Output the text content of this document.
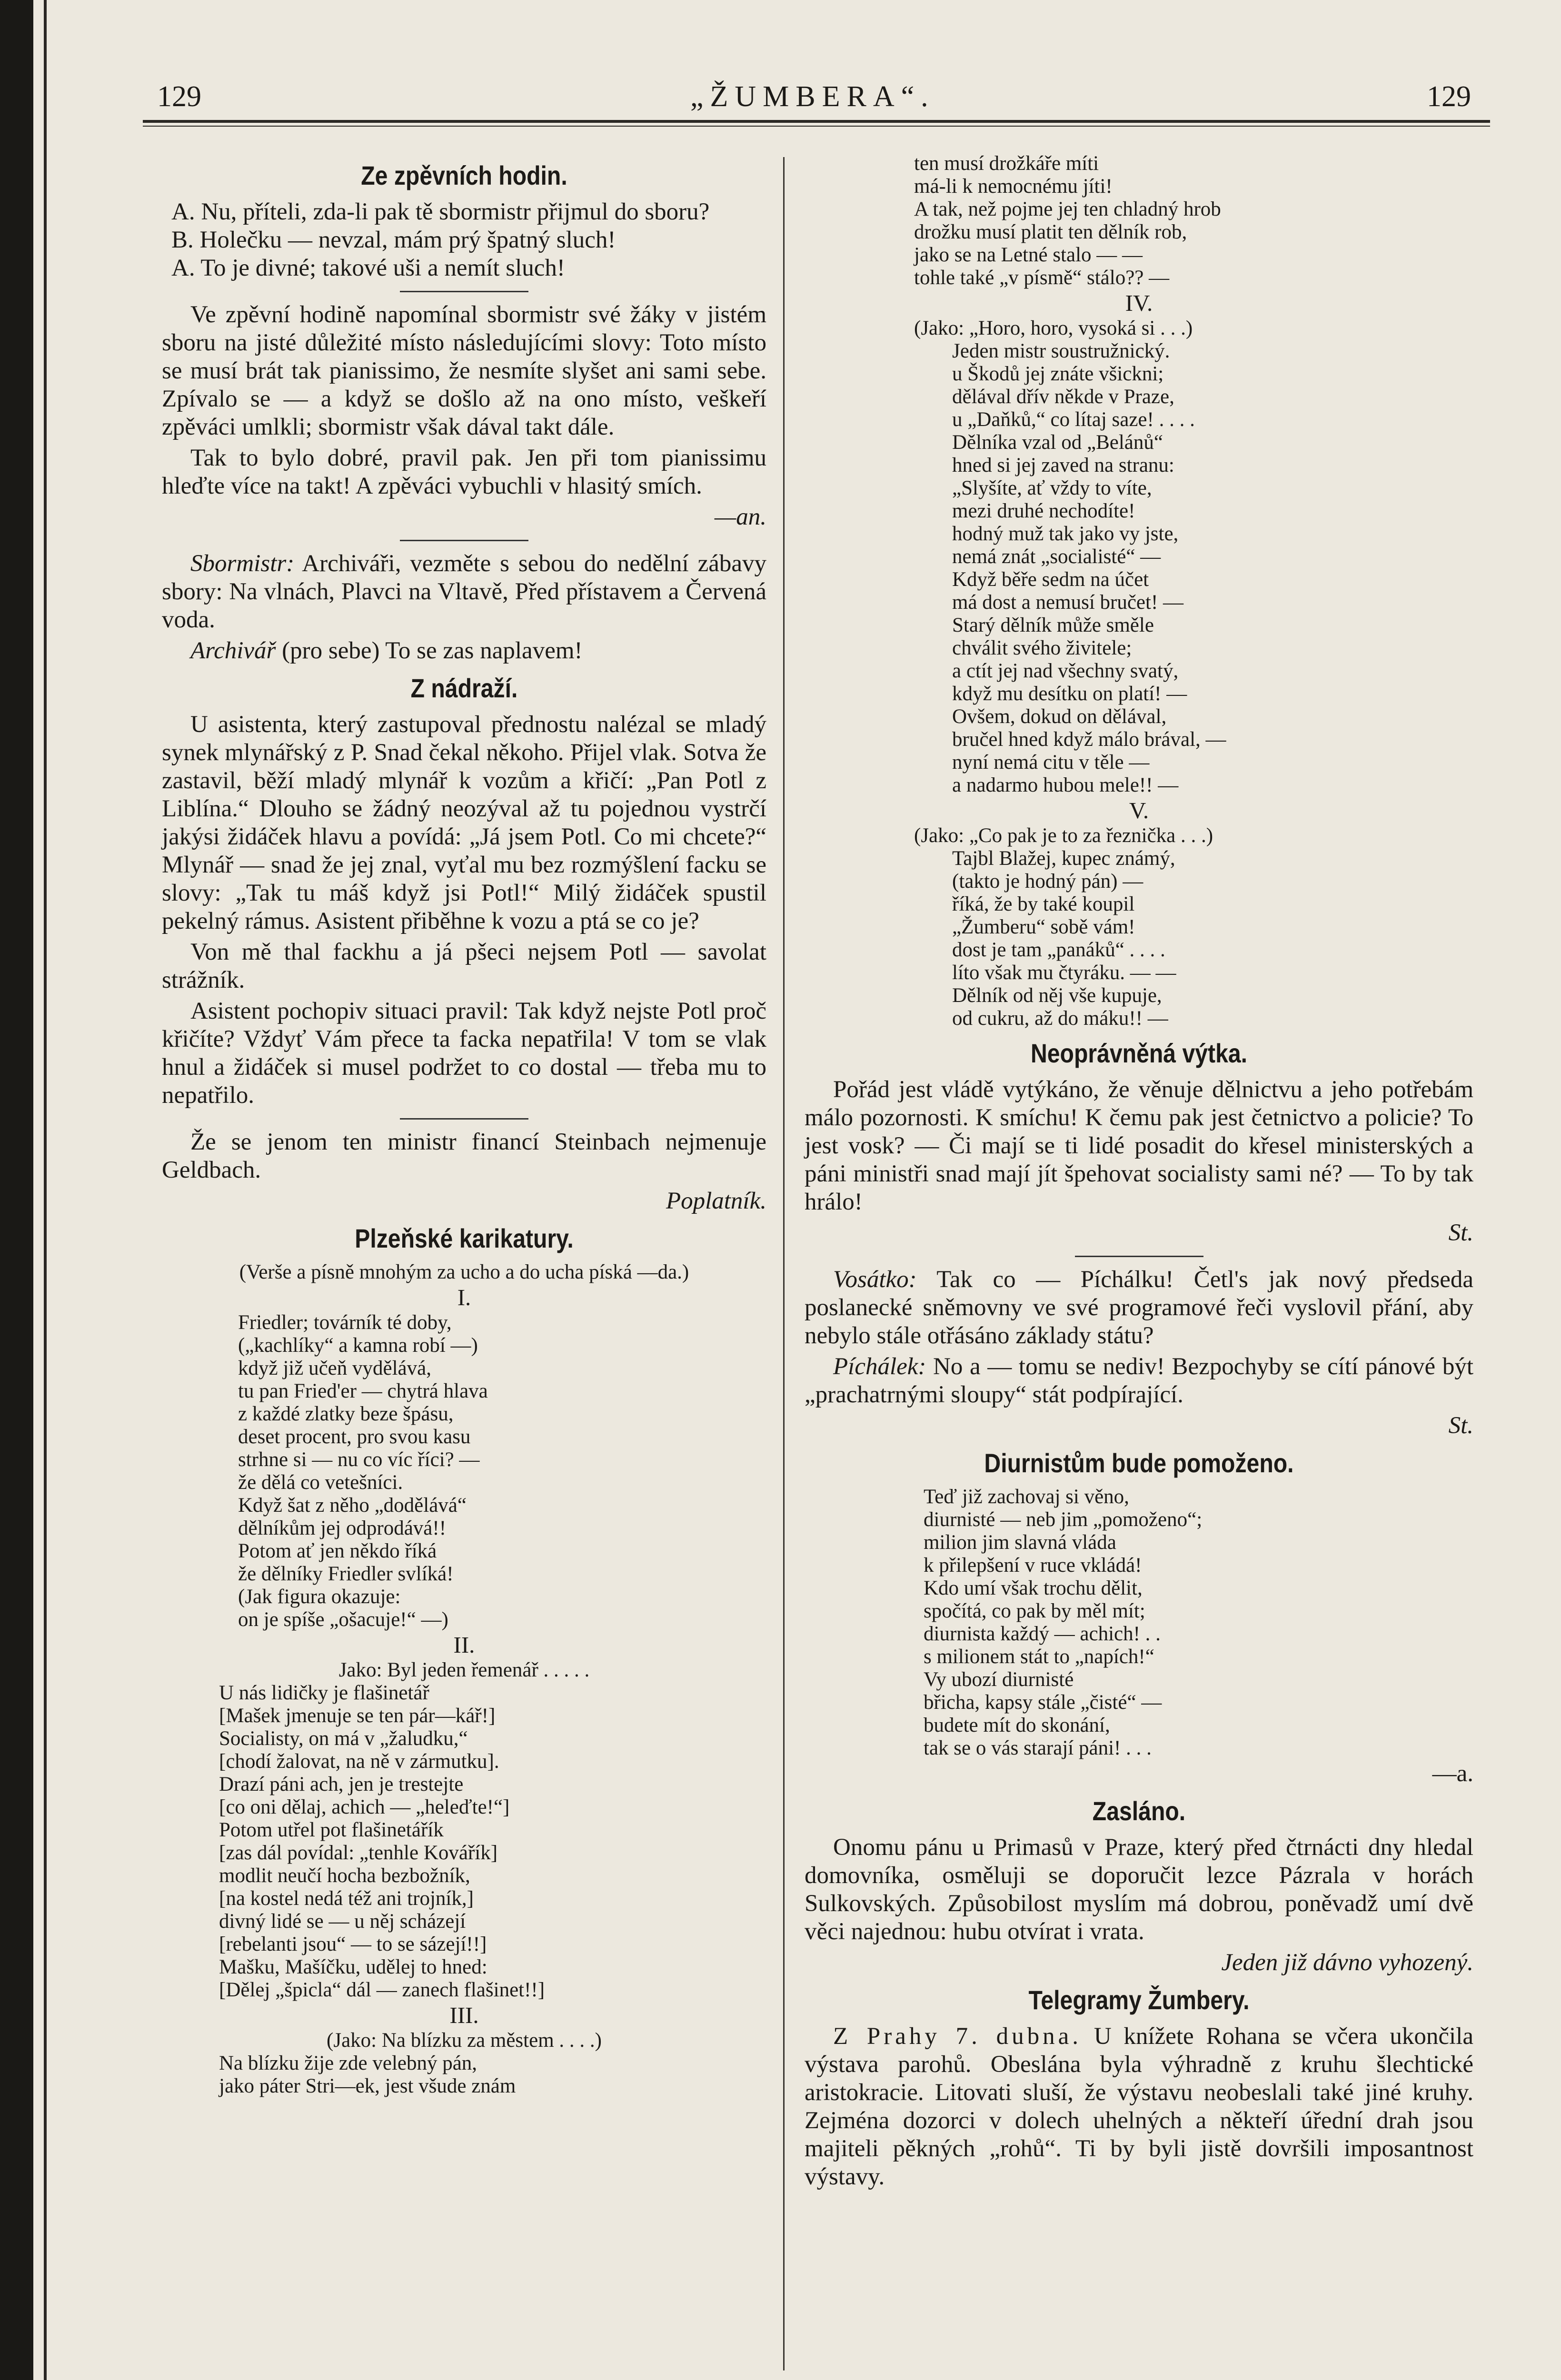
129	„ŽUMBERA“.	129
Ze zpěvních hodin.
A. Nu, příteli, zda-li pak tě sbormistr přijmul do sboru?
B. Holečku — nevzal, mám prý špatný sluch!
A. To je divné; takové uši a nemít sluch!

Ve zpěvní hodině napomínal sbormistr své žáky v jistém sboru na jisté důležité místo následujícími slovy: Toto místo se musí brát tak pianissimo, že nesmíte slyšet ani sami sebe. Zpívalo se — a když se došlo až na ono místo, veškeří zpěváci umlkli; sbormistr však dával takt dále.

Tak to bylo dobré, pravil pak. Jen při tom pianissimu hleďte více na takt! A zpěváci vybuchli v hlasitý smích.

—an.

Sbormistr: Archiváři, vezměte s sebou do nedělní zábavy sbory: Na vlnách, Plavci na Vltavě, Před přístavem a Červená voda.

Archivář (pro sebe) To se zas naplavem!

Z nádraží.

U asistenta, který zastupoval přednostu nalézal se mladý synek mlynářský z P. Snad čekal někoho. Přijel vlak. Sotva že zastavil, běží mladý mlynář k vozům a křičí: „Pan Potl z Liblína.“ Dlouho se žádný neozýval až tu pojednou vystrčí jakýsi židáček hlavu a povídá: „Já jsem Potl. Co mi chcete?“ Mlynář — snad že jej znal, vyťal mu bez rozmýšlení facku se slovy: „Tak tu máš když jsi Potl!“ Milý židáček spustil pekelný rámus. Asistent přiběhne k vozu a ptá se co je?

Von mě thal fackhu a já pšeci nejsem Potl — savolat strážník.

Asistent pochopiv situaci pravil: Tak když nejste Potl proč křičíte? Vždyť Vám přece ta facka nepatřila! V tom se vlak hnul a židáček si musel podržet to co dostal — třeba mu to nepatřilo.

Že se jenom ten ministr financí Steinbach nejmenuje Geldbach.

Poplatník.

Plzeňské karikatury.
(Verše a písně mnohým za ucho a do ucha píská —da.)
I.
Friedler; továrník té doby,
(„kachlíky“ a kamna robí —)
když již učeň vydělává,
tu pan Fried'er — chytrá hlava
z každé zlatky beze špásu,
deset procent, pro svou kasu
strhne si — nu co víc říci? —
že dělá co vetešníci.
Když šat z něho „dodělává“
dělníkům jej odprodává!!
Potom ať jen někdo říká
že dělníky Friedler svlíká!
(Jak figura okazuje:
on je spíše „ošacuje!“ —)
II.
Jako: Byl jeden řemenář . . . . .
U nás lidičky je flašinetář
[Mašek jmenuje se ten pár—kář!]
Socialisty, on má v „žaludku,“
[chodí žalovat, na ně v zármutku].
Drazí páni ach, jen je trestejte
[co oni dělaj, achich — „heleďte!“]
Potom utřel pot flašinetářík
[zas dál povídal: „tenhle Kovářík]
modlit neučí hocha bezbožník,
[na kostel nedá též ani trojník,]
divný lidé se — u něj scházejí
[rebelanti jsou“ — to se sázejí!!]
Mašku, Mašíčku, udělej to hned:
[Dělej „špicla“ dál — zanech flašinet!!]
III.
(Jako: Na blízku za městem . . . .)
Na blízku žije zde velebný pán,
jako páter Stri—ek, jest všude znám
ten musí drožkáře míti
má-li k nemocnému jíti!
A tak, než pojme jej ten chladný hrob
drožku musí platit ten dělník rob,
jako se na Letné stalo — —
tohle také „v písmě“ stálo?? —
IV.
(Jako: „Horo, horo, vysoká si . . .)
Jeden mistr soustružnický.
u Škodů jej znáte všickni;
dělával dřív někde v Praze,
u „Daňků,“ co lítaj saze! . . . .
Dělníka vzal od „Belánů“
hned si jej zaved na stranu:
„Slyšíte, ať vždy to víte,
mezi druhé nechodíte!
hodný muž tak jako vy jste,
nemá znát „socialisté“ —
Když běře sedm na účet
má dost a nemusí bručet! —
Starý dělník může směle
chválit svého živitele;
a ctít jej nad všechny svatý,
když mu desítku on platí! —
Ovšem, dokud on dělával,
bručel hned když málo brával, —
nyní nemá citu v těle —
a nadarmo hubou mele!! —
V.
(Jako: „Co pak je to za řeznička . . .)
Tajbl Blažej, kupec známý,
(takto je hodný pán) —
říká, že by také koupil
„Žumberu“ sobě vám!
dost je tam „panáků“ . . . .
líto však mu čtyráku. — —
Dělník od něj vše kupuje,
od cukru, až do máku!! —
Neoprávněná výtka.

Pořád jest vládě vytýkáno, že věnuje dělnictvu a jeho potřebám málo pozornosti. K smíchu! K čemu pak jest četnictvo a policie? To jest vosk? — Či mají se ti lidé posadit do křesel ministerských a páni ministři snad mají jít špehovat socialisty sami né? — To by tak hrálo!

St.

Vosátko: Tak co — Píchálku! Četl's jak nový předseda poslanecké sněmovny ve své programové řeči vyslovil přání, aby nebylo stále otřásáno základy státu?

Píchálek: No a — tomu se nediv! Bezpochyby se cítí pánové být „prachatrnými sloupy“ stát podpírající.

St.

Diurnistům bude pomoženo.
Teď již zachovaj si věno,
diurnisté — neb jim „pomoženo“;
milion jim slavná vláda
k přilepšení v ruce vkládá!
Kdo umí však trochu dělit,
spočítá, co pak by měl mít;
diurnista každý — achich! . .
s milionem stát to „napích!“
Vy ubozí diurnisté
břicha, kapsy stále „čisté“ —
budete mít do skonání,
tak se o vás starají páni! . . .

—a.

Zasláno.

Onomu pánu u Primasů v Praze, který před čtrnácti dny hledal domovníka, osměluji se doporučit lezce Pázrala v horách Sulkovských. Způsobilost myslím má dobrou, poněvadž umí dvě věci najednou: hubu otvírat i vrata.

Jeden již dávno vyhozený.

Telegramy Žumbery.

Z Prahy 7. dubna. U knížete Rohana se včera ukončila výstava parohů. Obeslána byla výhradně z kruhu šlechtické aristokracie. Litovati sluší, že výstavu neobeslali také jiné kruhy. Zejména dozorci v dolech uhelných a někteří úřední drah jsou majiteli pěkných „rohů“. Ti by byli jistě dovršili imposantnost výstavy.
